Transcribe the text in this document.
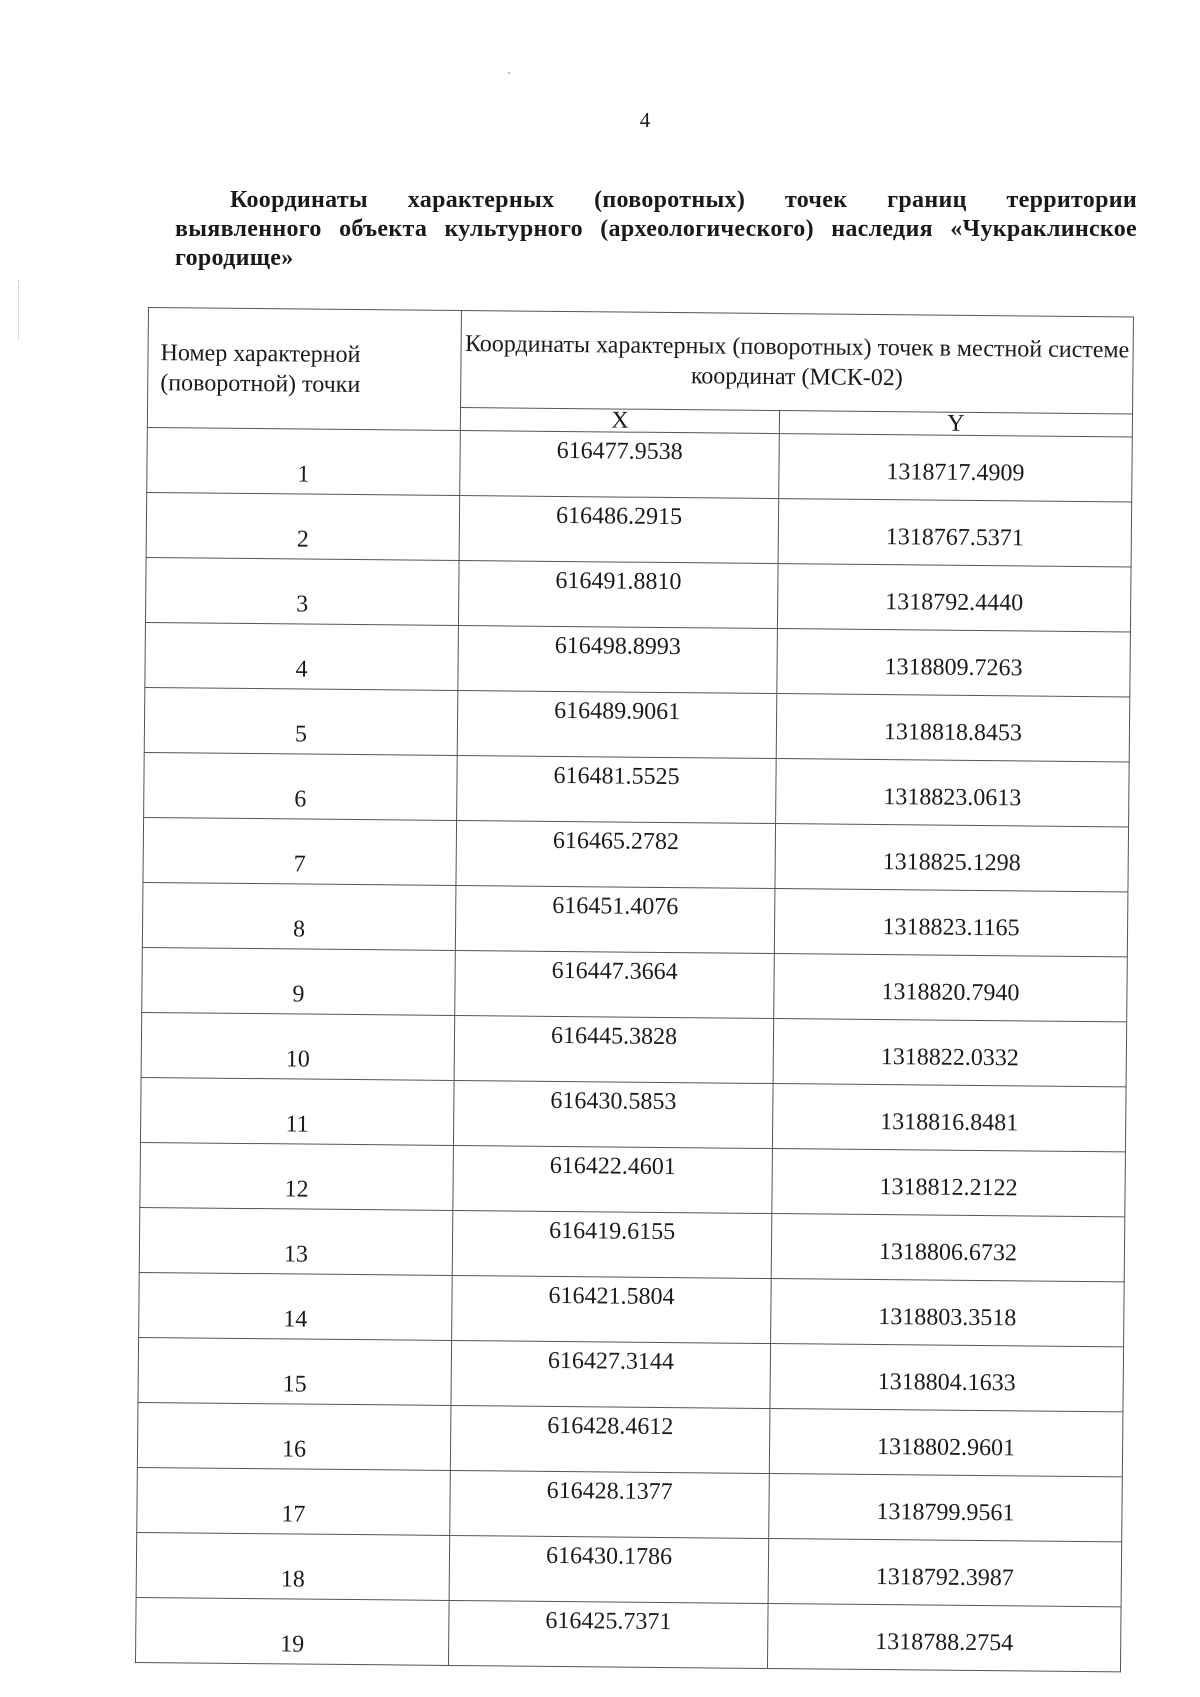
4
Координаты характерных (поворотных) точек границ территории выявленного объекта культурного (археологического) наследия «Чукраклинское городище»
Номер характерной (поворотной) точки	Координаты характерных (поворотных) точек в местной системе координат (МСК-02)	
	X	Y
1	616477.9538	1318717.4909
2	616486.2915	1318767.5371
3	616491.8810	1318792.4440
4	616498.8993	1318809.7263
5	616489.9061	1318818.8453
6	616481.5525	1318823.0613
7	616465.2782	1318825.1298
8	616451.4076	1318823.1165
9	616447.3664	1318820.7940
10	616445.3828	1318822.0332
11	616430.5853	1318816.8481
12	616422.4601	1318812.2122
13	616419.6155	1318806.6732
14	616421.5804	1318803.3518
15	616427.3144	1318804.1633
16	616428.4612	1318802.9601
17	616428.1377	1318799.9561
18	616430.1786	1318792.3987
19	616425.7371	1318788.2754
